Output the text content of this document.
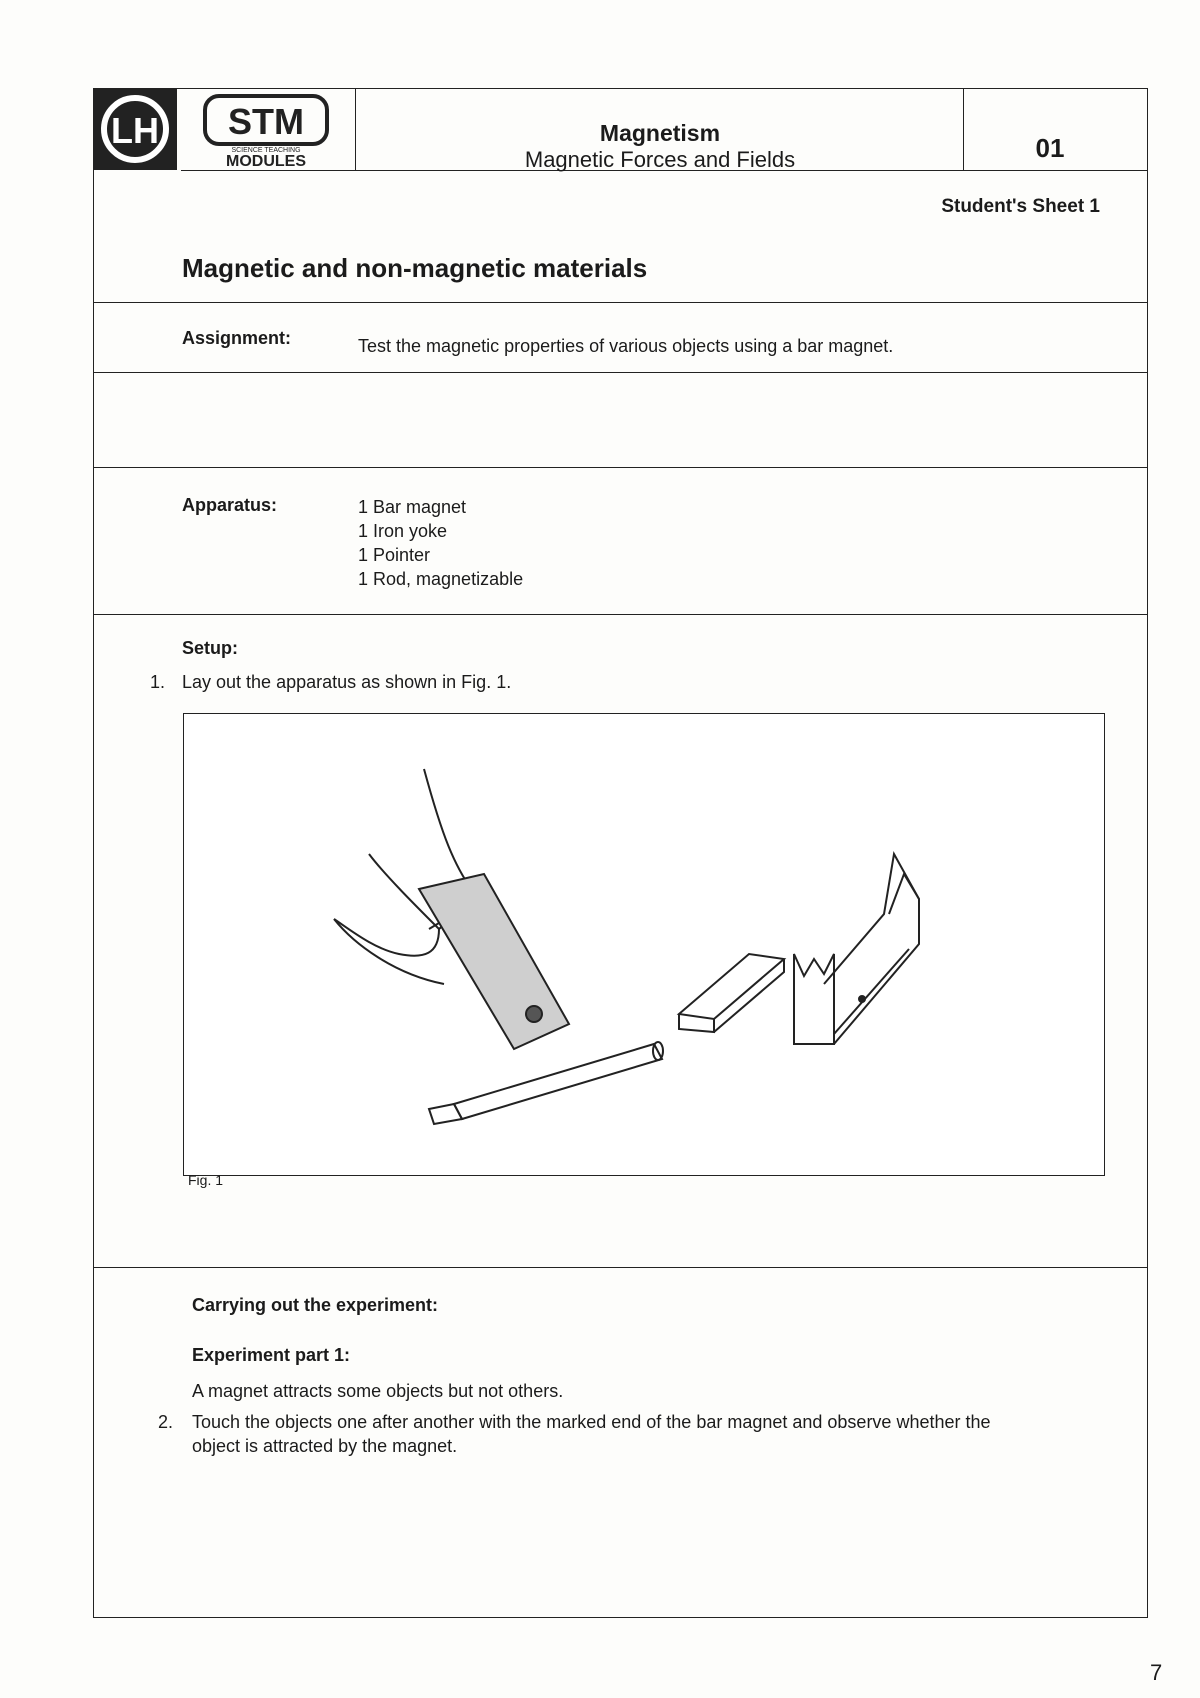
LH STM
SCIENCE TEACHING
MODULES
Magnetism
Magnetic Forces and Fields	01
Student's Sheet 1
Magnetic and non-magnetic materials
Assignment:	Test the magnetic properties of various objects using a bar magnet.
Apparatus:	1 Bar magnet
1 Iron yoke
1 Pointer
1 Rod, magnetizable
Setup:
1. Lay out the apparatus as shown in Fig. 1.
Fig. 1
Carrying out the experiment:
Experiment part 1:
A magnet attracts some objects but not others.
2. Touch the objects one after another with the marked end of the bar magnet and observe whether the
object is attracted by the magnet.
7
